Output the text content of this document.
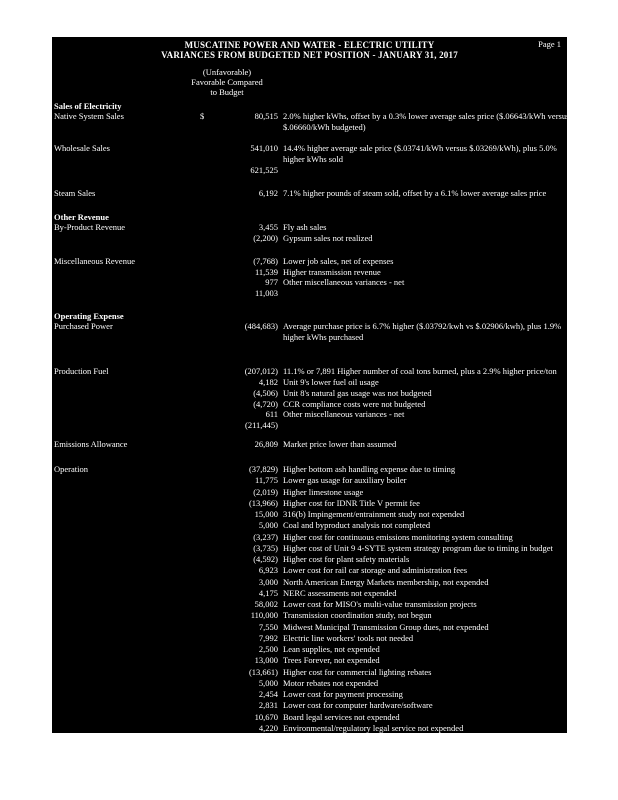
MUSCATINE POWER AND WATER - ELECTRIC UTILITY
VARIANCES FROM BUDGETED NET POSITION - JANUARY 31, 2017
Page 1
(Unfavorable)
Favorable Compared
to Budget
Sales of Electricity
Native System Sales	$	80,515 2.0% higher kWhs, offset by a 0.3% lower average sales price ($.06643/kWh versus
$.06660/kWh budgeted)
Wholesale Sales	541,010 14.4% higher average sale price ($.03741/kWh versus $.03269/kWh), plus 5.0%
higher kWhs sold
621,525
Steam Sales	6,192 7.1% higher pounds of steam sold, offset by a 6.1% lower average sales price
Other Revenue
By-Product Revenue	3,455 Fly ash sales
(2,200) Gypsum sales not realized
Miscellaneous Revenue	(7,768) Lower job sales, net of expenses
11,539 Higher transmission revenue
977 Other miscellaneous variances - net
11,003
Operating Expense
Purchased Power	(484,683) Average purchase price is 6.7% higher ($.03792/kwh vs $.02906/kwh), plus 1.9%
higher kWhs purchased
Production Fuel	(207,012) 11.1% or 7,891 Higher number of coal tons burned, plus a 2.9% higher price/ton
4,182 Unit 9's lower fuel oil usage
(4,506) Unit 8's natural gas usage was not budgeted
(4,720) CCR compliance costs were not budgeted
611 Other miscellaneous variances - net
(211,445)
Emissions Allowance	26,809 Market price lower than assumed
Operation	(37,829) Higher bottom ash handling expense due to timing
11,775 Lower gas usage for auxiliary boiler
(2,019) Higher limestone usage
(13,966) Higher cost for IDNR Title V permit fee
15,000 316(b) Impingement/entrainment study not expended
5,000 Coal and byproduct analysis not completed
(3,237) Higher cost for continuous emissions monitoring system consulting
(3,735) Higher cost of Unit 9 4-SYTE system strategy program due to timing in budget
(4,592) Higher cost for plant safety materials
6,923 Lower cost for rail car storage and administration fees
3,000 North American Energy Markets membership, not expended
4,175 NERC assessments not expended
58,002 Lower cost for MISO's multi-value transmission projects
110,000 Transmission coordination study, not begun
7,550 Midwest Municipal Transmission Group dues, not expended
7,992 Electric line workers' tools not needed
2,500 Lean supplies, not expended
13,000 Trees Forever, not expended
(13,661) Higher cost for commercial lighting rebates
5,000 Motor rebates not expended
2,454 Lower cost for payment processing
2,831 Lower cost for computer hardware/software
10,670 Board legal services not expended
4,220 Environmental/regulatory legal service not expended
2,000 Transmission/reliability standards attorney not expended
